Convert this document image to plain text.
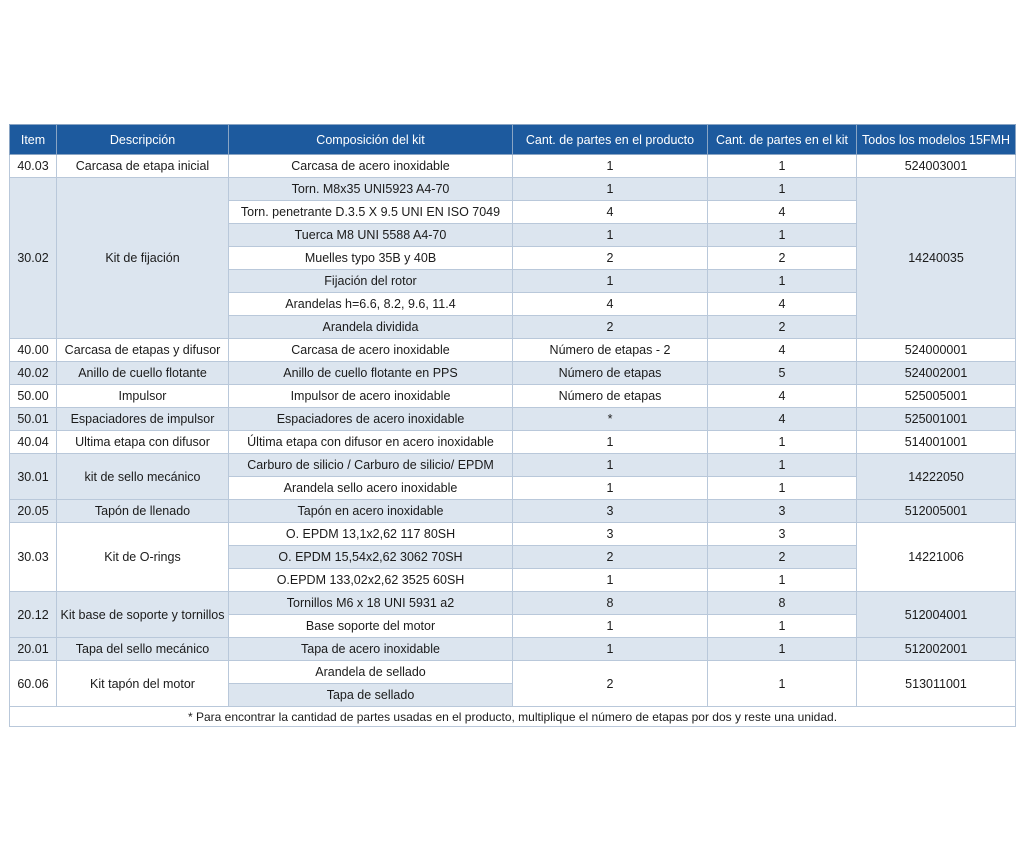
Item	Descripción	Composición del kit	Cant. de partes en el producto	Cant. de partes en el kit	Todos los modelos 15FMH
40.03	Carcasa de etapa inicial	Carcasa de acero inoxidable	1	1	524003001
30.02	Kit de fijación	Torn. M8x35 UNI5923 A4-70	1	1	14240035
		Torn. penetrante D.3.5 X 9.5 UNI EN ISO 7049	4	4	
		Tuerca M8 UNI 5588 A4-70	1	1	
		Muelles typo 35B y 40B	2	2	
		Fijación del rotor	1	1	
		Arandelas h=6.6, 8.2, 9.6, 11.4	4	4	
		Arandela dividida	2	2	
40.00	Carcasa de etapas y difusor	Carcasa de acero inoxidable	Número de etapas - 2	4	524000001
40.02	Anillo de cuello flotante	Anillo de cuello flotante en PPS	Número de etapas	5	524002001
50.00	Impulsor	Impulsor de acero inoxidable	Número de etapas	4	525005001
50.01	Espaciadores de impulsor	Espaciadores de acero inoxidable	*	4	525001001
40.04	Ultima etapa con difusor	Última etapa con difusor en acero inoxidable	1	1	514001001
30.01	kit de sello mecánico	Carburo de silicio / Carburo de silicio/ EPDM	1	1	14222050
		Arandela sello acero inoxidable	1	1	
20.05	Tapón de llenado	Tapón en acero inoxidable	3	3	512005001
30.03	Kit de O-rings	O. EPDM 13,1x2,62 117 80SH	3	3	14221006
		O. EPDM 15,54x2,62 3062 70SH	2	2	
		O.EPDM 133,02x2,62 3525 60SH	1	1	
20.12	Kit base de soporte y tornillos	Tornillos M6 x 18 UNI 5931 a2	8	8	512004001
		Base soporte del motor	1	1	
20.01	Tapa del sello mecánico	Tapa de acero inoxidable	1	1	512002001
60.06	Kit tapón del motor	Arandela de sellado	2	1	513011001
		Tapa de sellado			
* Para encontrar la cantidad de partes usadas en el producto, multiplique el número de etapas por dos y reste una unidad.					
